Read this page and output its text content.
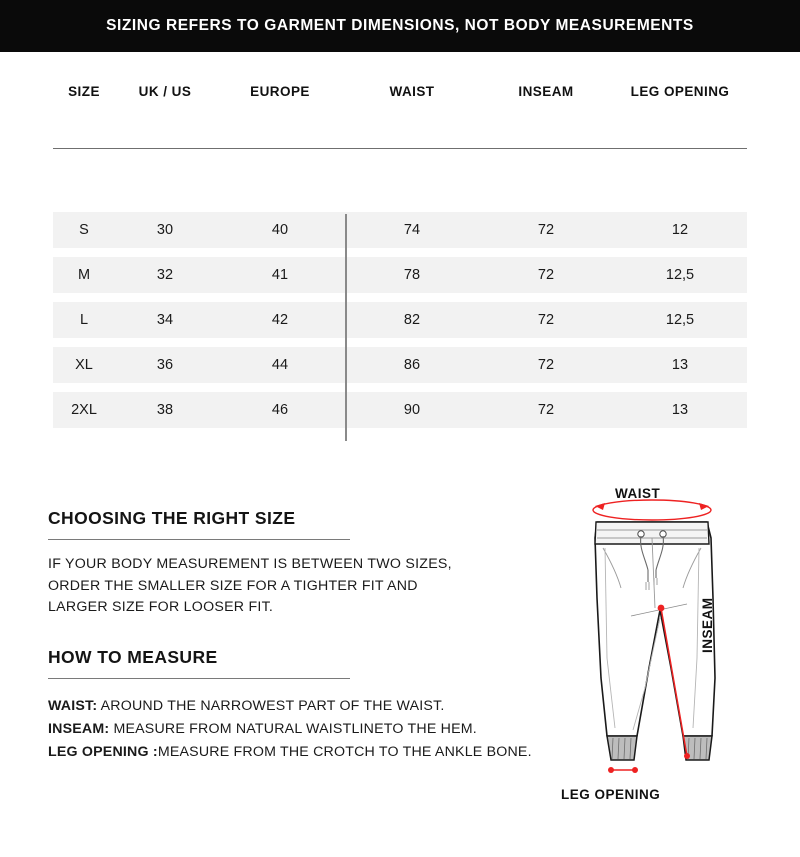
SIZING REFERS TO GARMENT DIMENSIONS, NOT BODY MEASUREMENTS
SIZE	UK / US	EUROPE	WAIST	INSEAM	LEG OPENING
S	30	40	74	72	12
M	32	41	78	72	12,5
L	34	42	82	72	12,5
XL	36	44	86	72	13
2XL	38	46	90	72	13
CHOOSING THE RIGHT SIZE
IF YOUR BODY MEASUREMENT IS BETWEEN TWO SIZES,
ORDER THE SMALLER SIZE FOR A TIGHTER FIT AND
LARGER SIZE FOR LOOSER FIT.
HOW TO MEASURE
WAIST: AROUND THE NARROWEST PART OF THE WAIST.
INSEAM: MEASURE FROM NATURAL WAISTLINETO THE HEM.
LEG OPENING :MEASURE FROM THE CROTCH TO THE ANKLE BONE.
WAIST
INSEAM
LEG OPENING
